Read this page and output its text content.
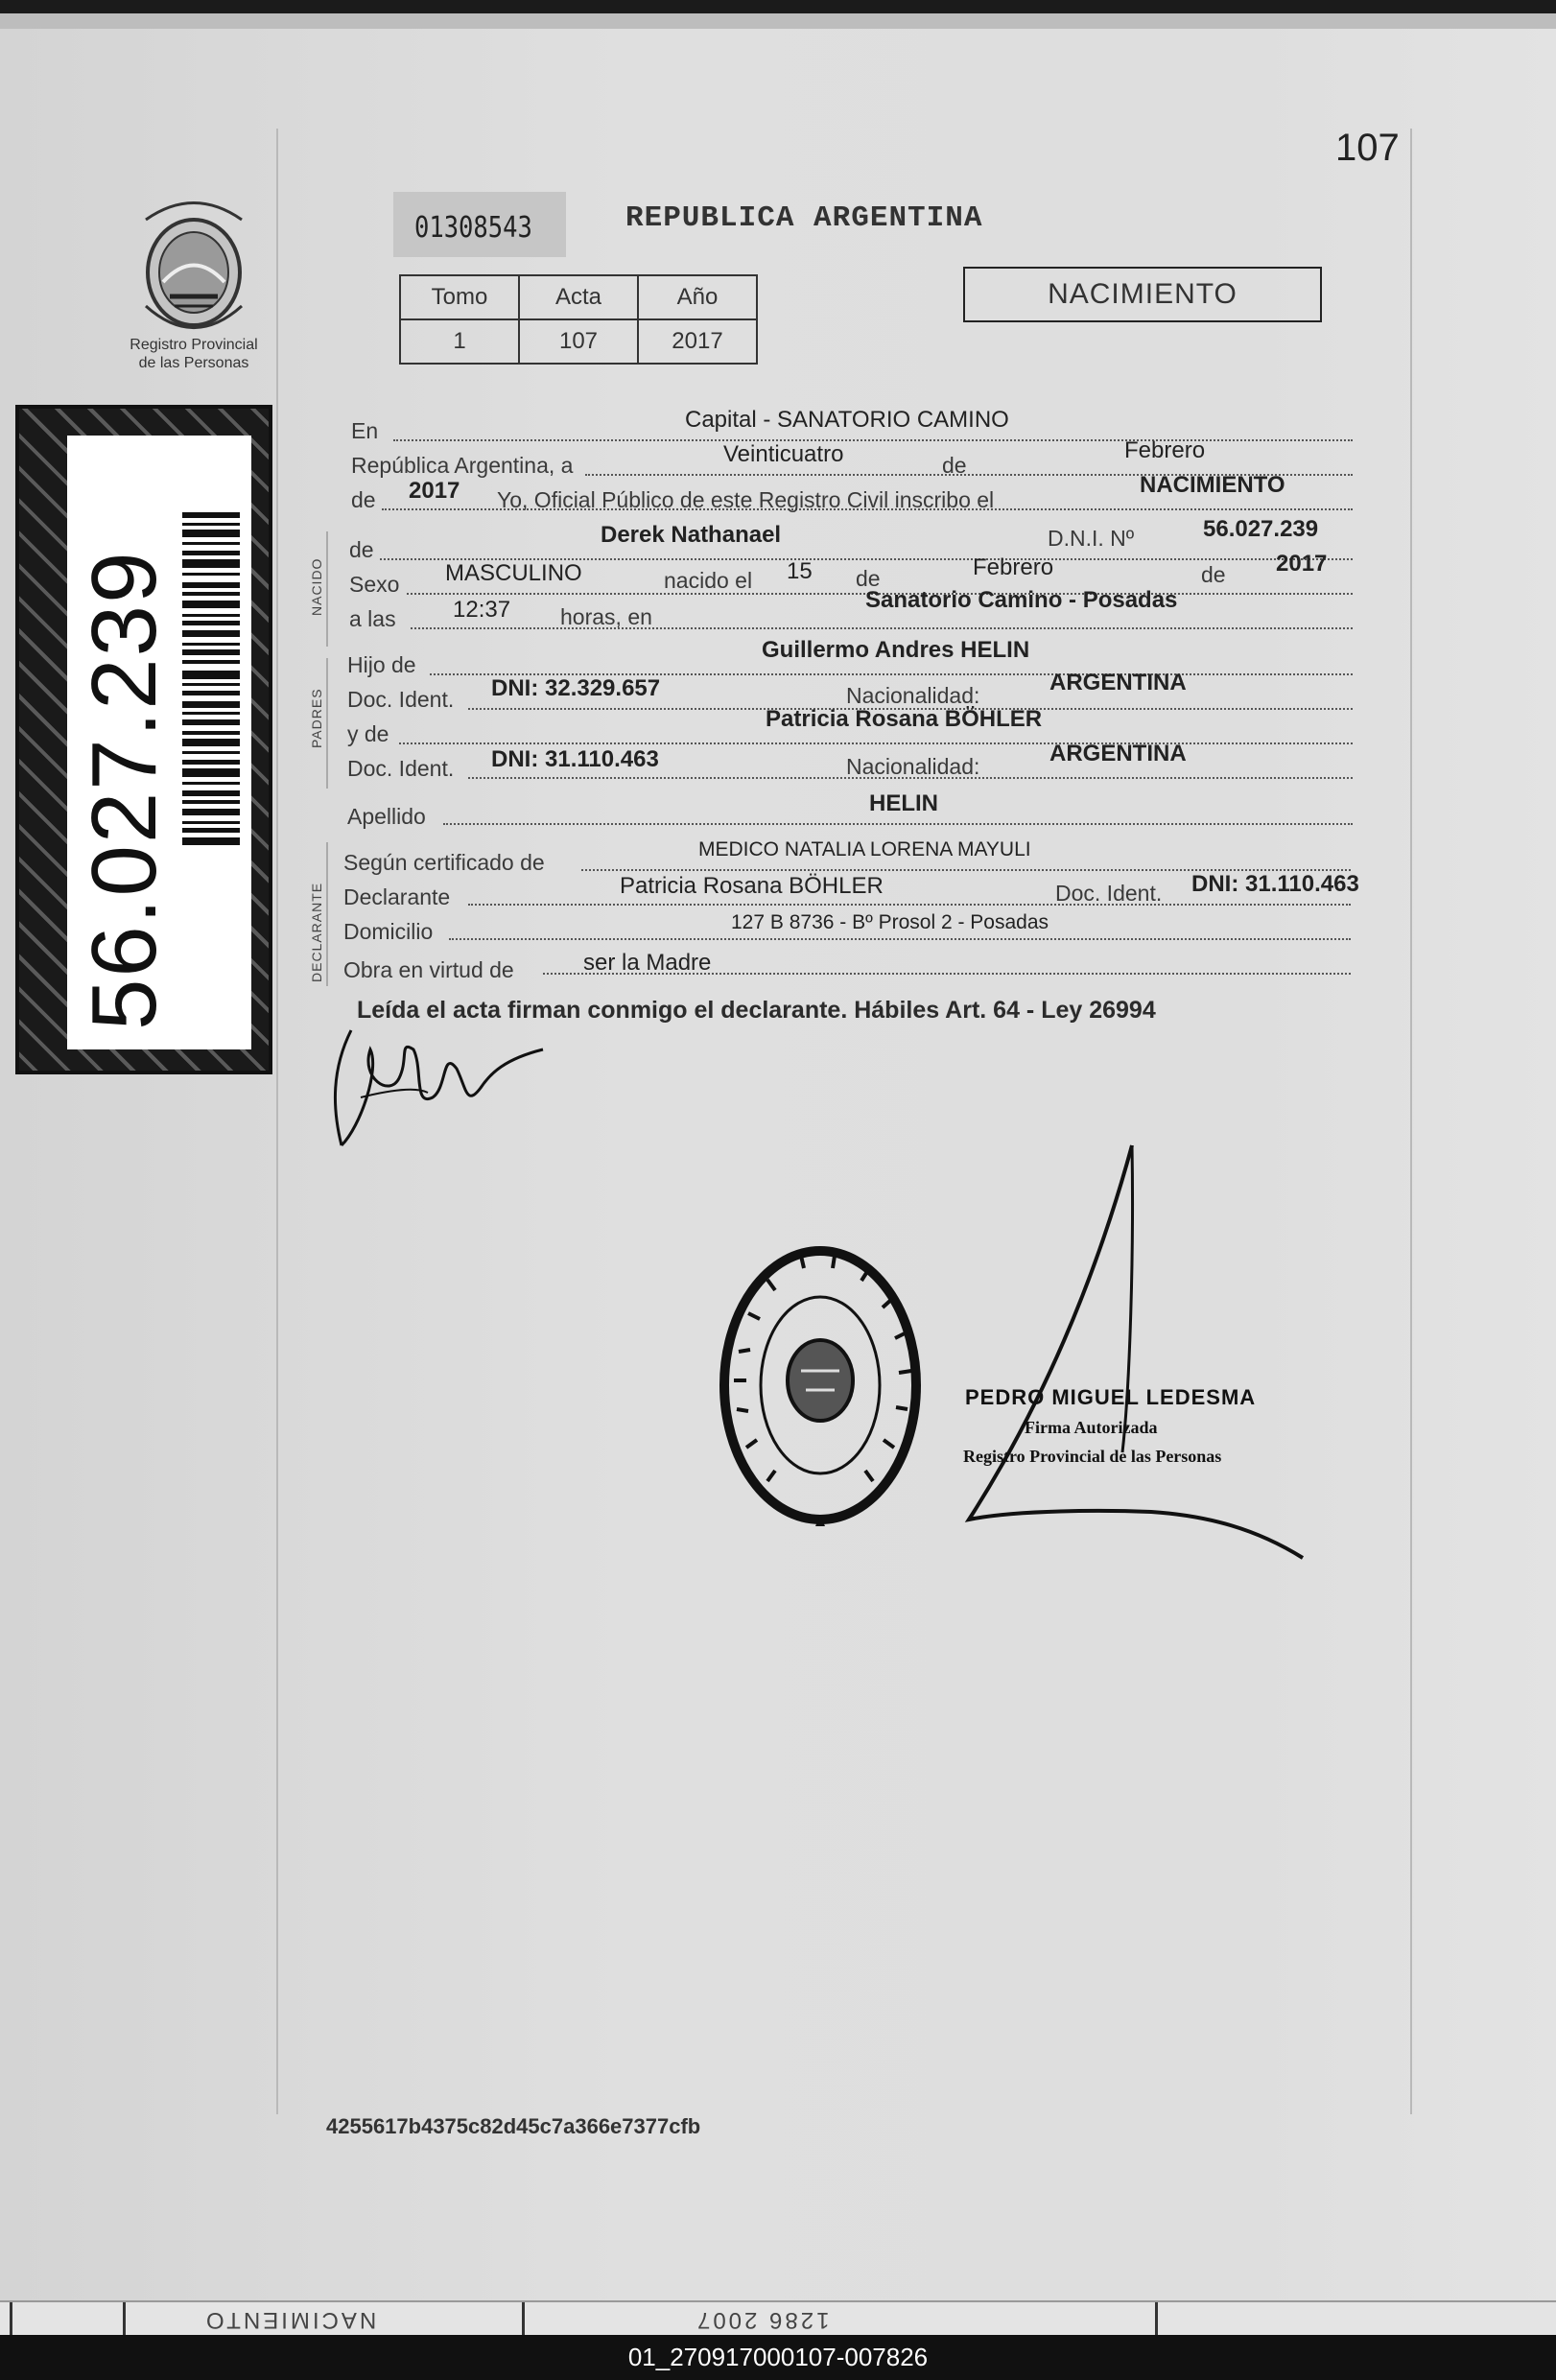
107
Registro Provincial
de las Personas
56.027.239
01308543	REPUBLICA ARGENTINA
Tomo	Acta	Año
1	107	2017
NACIMIENTO
En	Capital - SANATORIO CAMINO
República Argentina, a	Veinticuatro	de
Febrero
de 2017 Yo, Oficial Público de este Registro Civil inscribo el
NACIMIENTO
de
Derek Nathanael	D.N.I. Nº	56.027.239
Sexo MASCULINO	nacido el 15 de	Febrero	de 2017
a las 12:37 horas, en
Sanatorio Camino - Posadas
Hijo de
Guillermo Andres HELIN
Doc. Ident. DNI: 32.329.657	Nacionalidad:	ARGENTINA
y de
Patricia Rosana BÖHLER
Doc. Ident. DNI: 31.110.463	Nacionalidad:	ARGENTINA
Apellido	HELIN
Según certificado de
MEDICO NATALIA LORENA MAYULI
Declarante	Patricia Rosana BÖHLER	Doc. Ident. DNI: 31.110.463
Domicilio	127 B 8736 - Bº Prosol 2 - Posadas
Obra en virtud de	ser la Madre
NACIDO
PADRES
DECLARANTE
Leída el acta firman conmigo el declarante. Hábiles Art. 64 - Ley 26994
PEDRO MIGUEL LEDESMA
Firma Autorizada
Registro Provincial de las Personas
4255617b4375c82d45c7a366e7377cfb
NACIMIENTO	1286 2007
01_270917000107-007826
